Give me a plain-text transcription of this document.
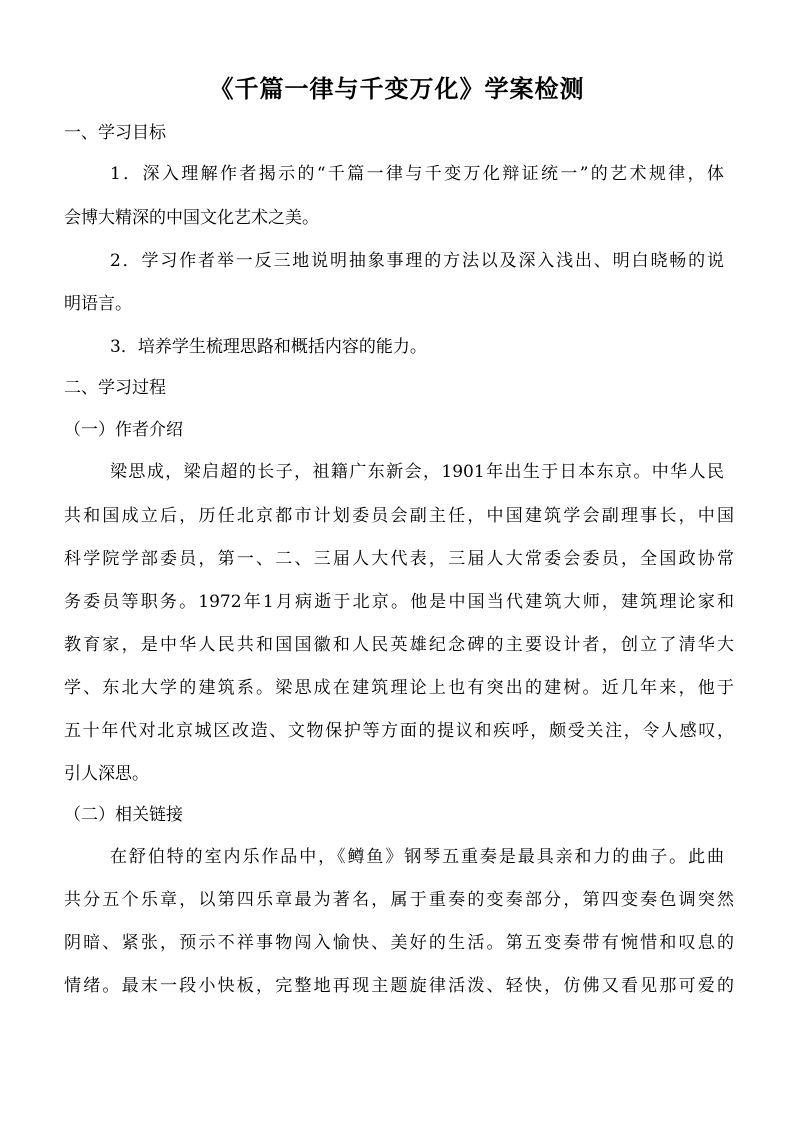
《千篇一律与千变万化》学案检测
一、学习目标
1．深入理解作者揭示的“千篇一律与千变万化辩证统一”的艺术规律，体
会博大精深的中国文化艺术之美。
2．学习作者举一反三地说明抽象事理的方法以及深入浅出、明白晓畅的说
明语言。
3．培养学生梳理思路和概括内容的能力。
二、学习过程
（一）作者介绍
梁思成，梁启超的长子，祖籍广东新会，1901年出生于日本东京。中华人民
共和国成立后，历任北京都市计划委员会副主任，中国建筑学会副理事长，中国
科学院学部委员，第一、二、三届人大代表，三届人大常委会委员，全国政协常
务委员等职务。1972年1月病逝于北京。他是中国当代建筑大师，建筑理论家和
教育家，是中华人民共和国国徽和人民英雄纪念碑的主要设计者，创立了清华大
学、东北大学的建筑系。梁思成在建筑理论上也有突出的建树。近几年来，他于
五十年代对北京城区改造、文物保护等方面的提议和疾呼，颇受关注，令人感叹，
引人深思。
（二）相关链接
在舒伯特的室内乐作品中，《鳟鱼》钢琴五重奏是最具亲和力的曲子。此曲
共分五个乐章，以第四乐章最为著名，属于重奏的变奏部分，第四变奏色调突然
阴暗、紧张，预示不祥事物闯入愉快、美好的生活。第五变奏带有惋惜和叹息的
情绪。最末一段小快板，完整地再现主题旋律活泼、轻快，仿佛又看见那可爱的
